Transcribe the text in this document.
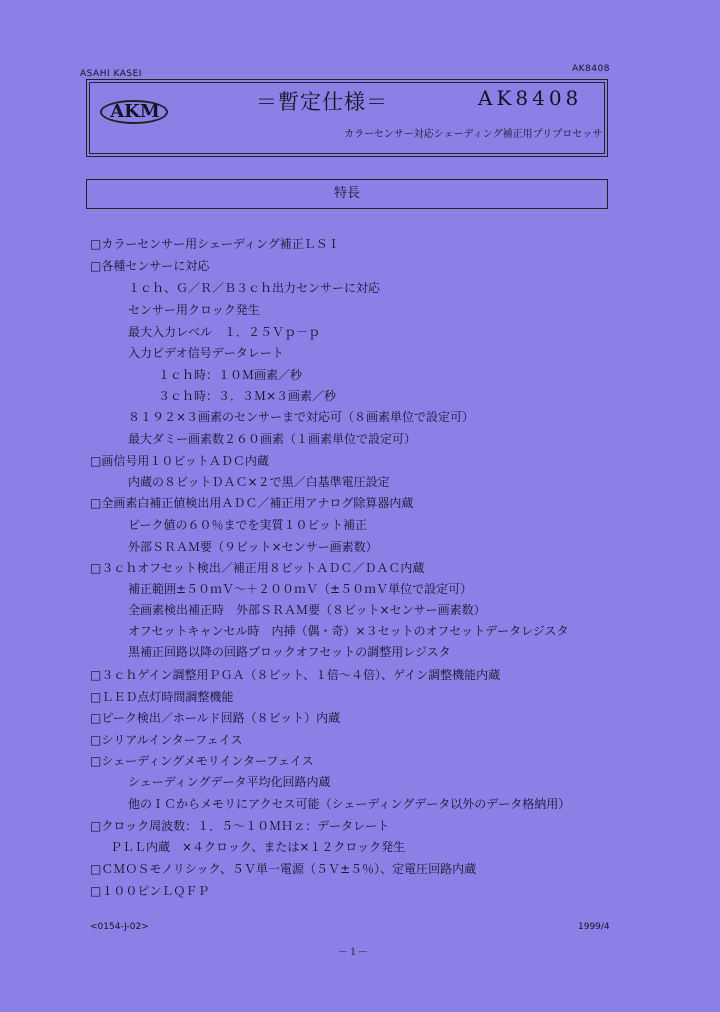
ASAHI KASEI	AK8408
AKM	＝暫定仕様＝	AK8408
カラーセンサー対応シェーディング補正用プリプロセッサ
特長
□カラーセンサー用シェーディング補正ＬＳＩ
□各種センサーに対応
１ｃｈ、Ｇ／Ｒ／Ｂ３ｃｈ出力センサーに対応
センサー用クロック発生
最大入力レベル　１．２５Ｖｐ－ｐ
入力ビデオ信号データレート
１ｃｈ時：１０Ｍ画素／秒
３ｃｈ時：３．３Ｍ×３画素／秒
８１９２×３画素のセンサーまで対応可（８画素単位で設定可）
最大ダミー画素数２６０画素（１画素単位で設定可）
□画信号用１０ビットＡＤＣ内蔵
内蔵の８ビットＤＡＣ×２で黒／白基準電圧設定
□全画素白補正値検出用ＡＤＣ／補正用アナログ除算器内蔵
ピーク値の６０％までを実質１０ビット補正
外部ＳＲＡＭ要（９ビット×センサー画素数）
□３ｃｈオフセット検出／補正用８ビットＡＤＣ／ＤＡＣ内蔵
補正範囲±５０ｍＶ～＋２００ｍＶ（±５０ｍＶ単位で設定可）
全画素検出補正時　外部ＳＲＡＭ要（８ビット×センサー画素数）
オフセットキャンセル時　内挿（偶・奇）×３セットのオフセットデータレジスタ
黒補正回路以降の回路ブロックオフセットの調整用レジスタ
□３ｃｈゲイン調整用ＰＧＡ（８ビット、１倍～４倍）、ゲイン調整機能内蔵
□ＬＥＤ点灯時間調整機能
□ピーク検出／ホールド回路（８ビット）内蔵
□シリアルインターフェイス
□シェーディングメモリインターフェイス
シェーディングデータ平均化回路内蔵
他のＩＣからメモリにアクセス可能（シェーディングデータ以外のデータ格納用）
□クロック周波数：１．５～１０ＭＨｚ：データレート
ＰＬＬ内蔵　×４クロック、または×１２クロック発生
□ＣＭＯＳモノリシック、５Ｖ単一電源（５Ｖ±５％）、定電圧回路内蔵
□１００ピンＬＱＦＰ
<0154-J-02>	1999/4
－１－
